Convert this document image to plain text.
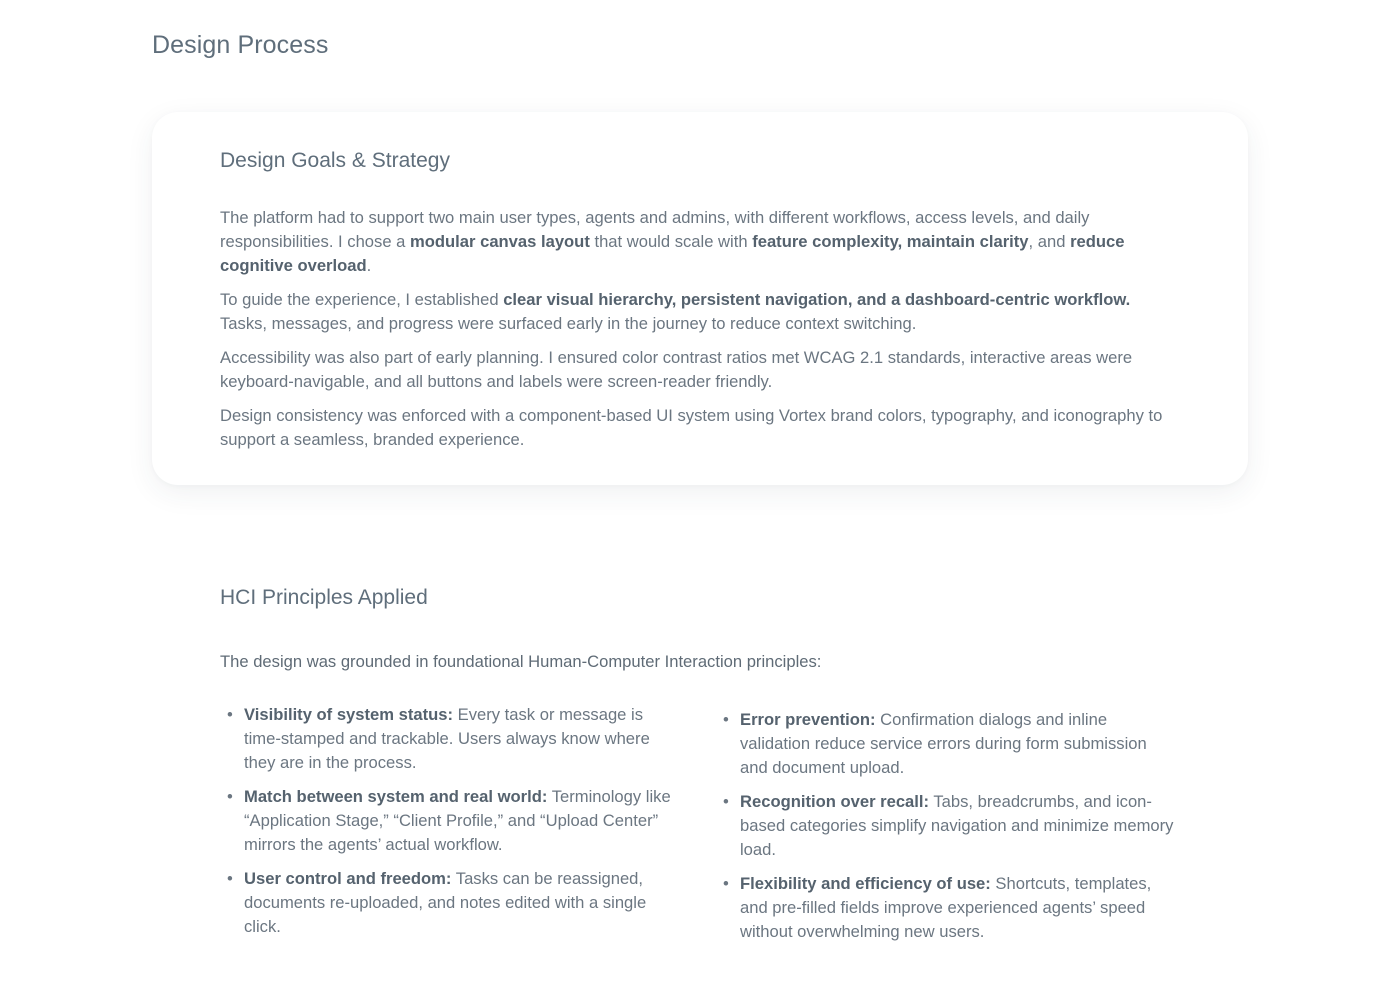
Design Process
Design Goals & Strategy

The platform had to support two main user types, agents and admins, with different workflows, access levels, and daily responsibilities. I chose a modular canvas layout that would scale with feature complexity, maintain clarity, and reduce cognitive overload.

To guide the experience, I established clear visual hierarchy, persistent navigation, and a dashboard-centric workflow. Tasks, messages, and progress were surfaced early in the journey to reduce context switching.

Accessibility was also part of early planning. I ensured color contrast ratios met WCAG 2.1 standards, interactive areas were keyboard-navigable, and all buttons and labels were screen-reader friendly.

Design consistency was enforced with a component-based UI system using Vortex brand colors, typography, and iconography to support a seamless, branded experience.

HCI Principles Applied

The design was grounded in foundational Human-Computer Interaction principles:

• Visibility of system status: Every task or message is time-stamped and trackable. Users always know where they are in the process.
• Match between system and real world: Terminology like “Application Stage,” “Client Profile,” and “Upload Center” mirrors the agents’ actual workflow.
• User control and freedom: Tasks can be reassigned, documents re-uploaded, and notes edited with a single click.
• Error prevention: Confirmation dialogs and inline validation reduce service errors during form submission and document upload.
• Recognition over recall: Tabs, breadcrumbs, and icon-based categories simplify navigation and minimize memory load.
• Flexibility and efficiency of use: Shortcuts, templates, and pre-filled fields improve experienced agents’ speed without overwhelming new users.
